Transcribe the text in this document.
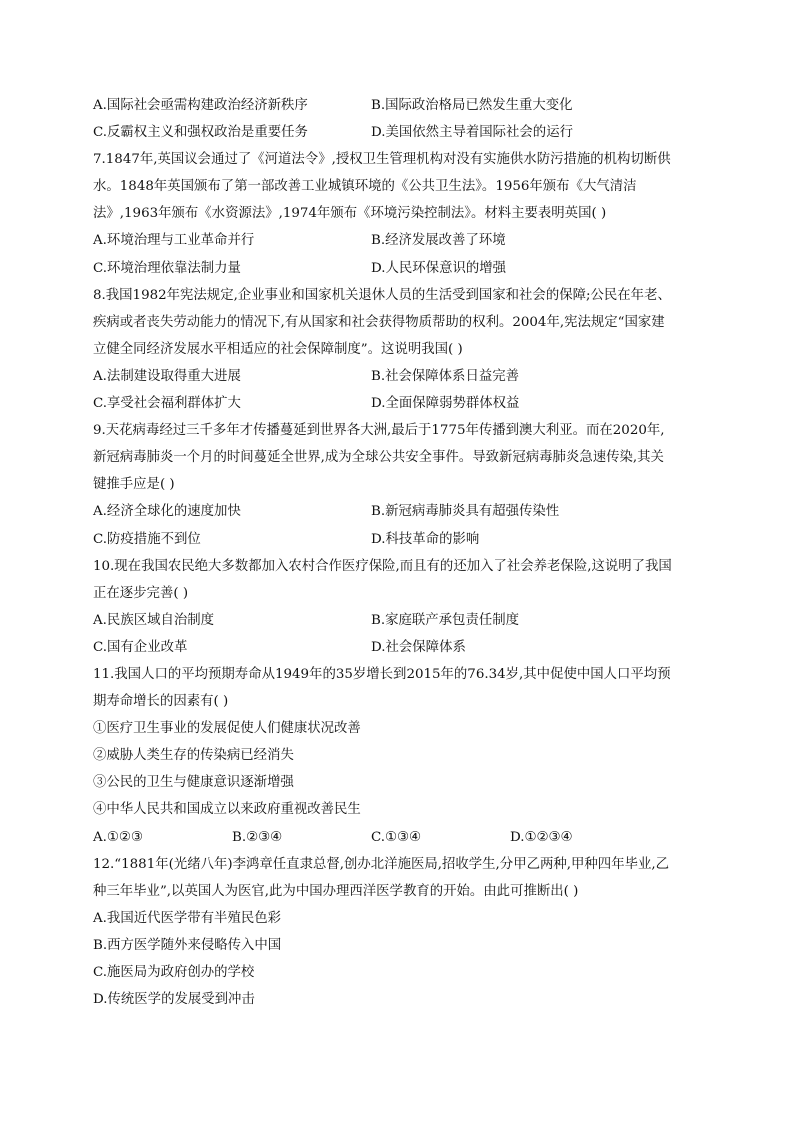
A.国际社会亟需构建政治经济新秩序	B.国际政治格局已然发生重大变化
C.反霸权主义和强权政治是重要任务	D.美国依然主导着国际社会的运行
7.1847年,英国议会通过了《河道法令》,授权卫生管理机构对没有实施供水防污措施的机构切断供
水。1848年英国颁布了第一部改善工业城镇环境的《公共卫生法》。1956年颁布《大气清洁
法》,1963年颁布《水资源法》,1974年颁布《环境污染控制法》。材料主要表明英国( )
A.环境治理与工业革命并行	B.经济发展改善了环境
C.环境治理依靠法制力量	D.人民环保意识的增强
8.我国1982年宪法规定,企业事业和国家机关退休人员的生活受到国家和社会的保障;公民在年老、
疾病或者丧失劳动能力的情况下,有从国家和社会获得物质帮助的权利。2004年,宪法规定“国家建
立健全同经济发展水平相适应的社会保障制度”。这说明我国( )
A.法制建设取得重大进展	B.社会保障体系日益完善
C.享受社会福利群体扩大	D.全面保障弱势群体权益
9.天花病毒经过三千多年才传播蔓延到世界各大洲,最后于1775年传播到澳大利亚。而在2020年,
新冠病毒肺炎一个月的时间蔓延全世界,成为全球公共安全事件。导致新冠病毒肺炎急速传染,其关
键推手应是( )
A.经济全球化的速度加快	B.新冠病毒肺炎具有超强传染性
C.防疫措施不到位	D.科技革命的影响
10.现在我国农民绝大多数都加入农村合作医疗保险,而且有的还加入了社会养老保险,这说明了我国
正在逐步完善( )
A.民族区域自治制度	B.家庭联产承包责任制度
C.国有企业改革	D.社会保障体系
11.我国人口的平均预期寿命从1949年的35岁增长到2015年的76.34岁,其中促使中国人口平均预
期寿命增长的因素有( )
①医疗卫生事业的发展促使人们健康状况改善
②威胁人类生存的传染病已经消失
③公民的卫生与健康意识逐渐增强
④中华人民共和国成立以来政府重视改善民生
A.①②③	B.②③④	C.①③④	D.①②③④
12.“1881年(光绪八年)李鸿章任直隶总督,创办北洋施医局,招收学生,分甲乙两种,甲种四年毕业,乙
种三年毕业”,以英国人为医官,此为中国办理西洋医学教育的开始。由此可推断出( )
A.我国近代医学带有半殖民色彩
B.西方医学随外来侵略传入中国
C.施医局为政府创办的学校
D.传统医学的发展受到冲击
